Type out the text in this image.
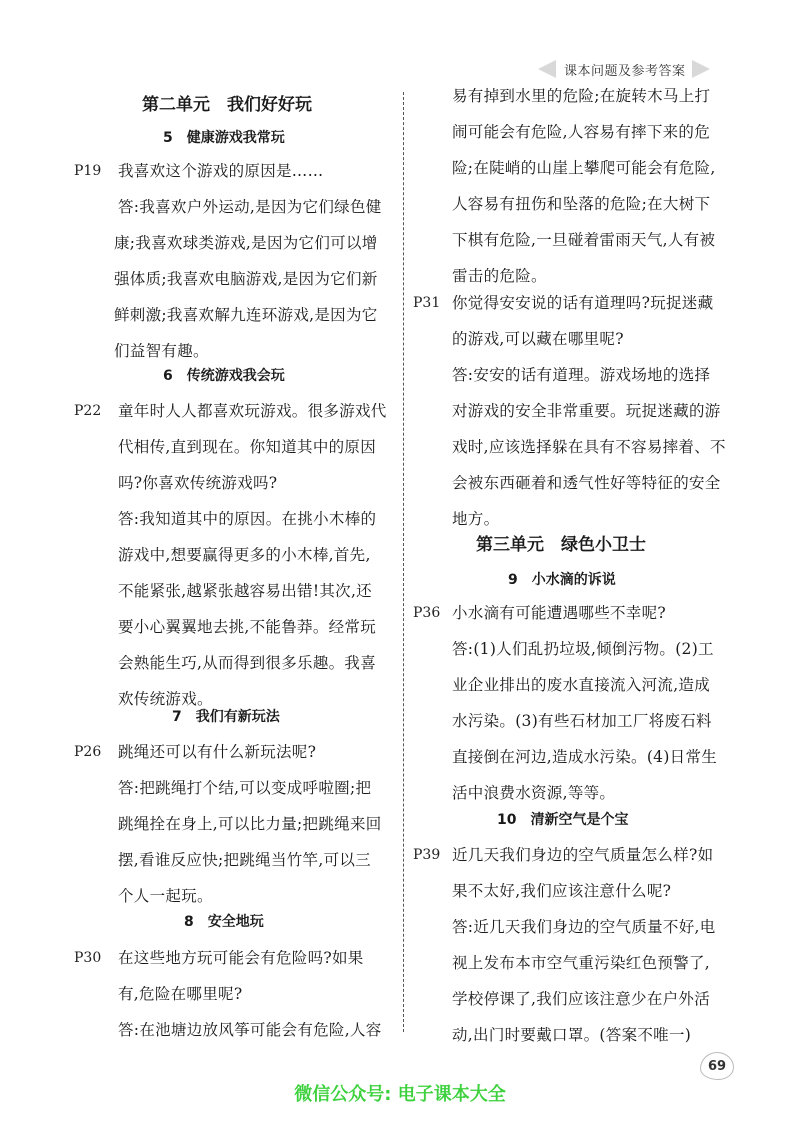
课本问题及参考答案
第二单元　我们好好玩
5　健康游戏我常玩
P19 我喜欢这个游戏的原因是……
答:我喜欢户外运动,是因为它们绿色健
康;我喜欢球类游戏,是因为它们可以增
强体质;我喜欢电脑游戏,是因为它们新
鲜刺激;我喜欢解九连环游戏,是因为它
们益智有趣。
6　传统游戏我会玩
P22 童年时人人都喜欢玩游戏。很多游戏代
代相传,直到现在。你知道其中的原因
吗?你喜欢传统游戏吗?
答:我知道其中的原因。在挑小木棒的
游戏中,想要赢得更多的小木棒,首先,
不能紧张,越紧张越容易出错!其次,还
要小心翼翼地去挑,不能鲁莽。经常玩
会熟能生巧,从而得到很多乐趣。我喜
欢传统游戏。
7　我们有新玩法
P26 跳绳还可以有什么新玩法呢?
答:把跳绳打个结,可以变成呼啦圈;把
跳绳拴在身上,可以比力量;把跳绳来回
摆,看谁反应快;把跳绳当竹竿,可以三
个人一起玩。
8　安全地玩
P30 在这些地方玩可能会有危险吗?如果
有,危险在哪里呢?
答:在池塘边放风筝可能会有危险,人容
易有掉到水里的危险;在旋转木马上打
闹可能会有危险,人容易有摔下来的危
险;在陡峭的山崖上攀爬可能会有危险,
人容易有扭伤和坠落的危险;在大树下
下棋有危险,一旦碰着雷雨天气,人有被
雷击的危险。
P31 你觉得安安说的话有道理吗?玩捉迷藏
的游戏,可以藏在哪里呢?
答:安安的话有道理。游戏场地的选择
对游戏的安全非常重要。玩捉迷藏的游
戏时,应该选择躲在具有不容易摔着、不
会被东西砸着和透气性好等特征的安全
地方。
第三单元　绿色小卫士
9　小水滴的诉说
P36 小水滴有可能遭遇哪些不幸呢?
答:(1)人们乱扔垃圾,倾倒污物。(2)工
业企业排出的废水直接流入河流,造成
水污染。(3)有些石材加工厂将废石料
直接倒在河边,造成水污染。(4)日常生
活中浪费水资源,等等。
10　清新空气是个宝
P39 近几天我们身边的空气质量怎么样?如
果不太好,我们应该注意什么呢?
答:近几天我们身边的空气质量不好,电
视上发布本市空气重污染红色预警了,
学校停课了,我们应该注意少在户外活
动,出门时要戴口罩。(答案不唯一)
69
微信公众号: 电子课本大全
